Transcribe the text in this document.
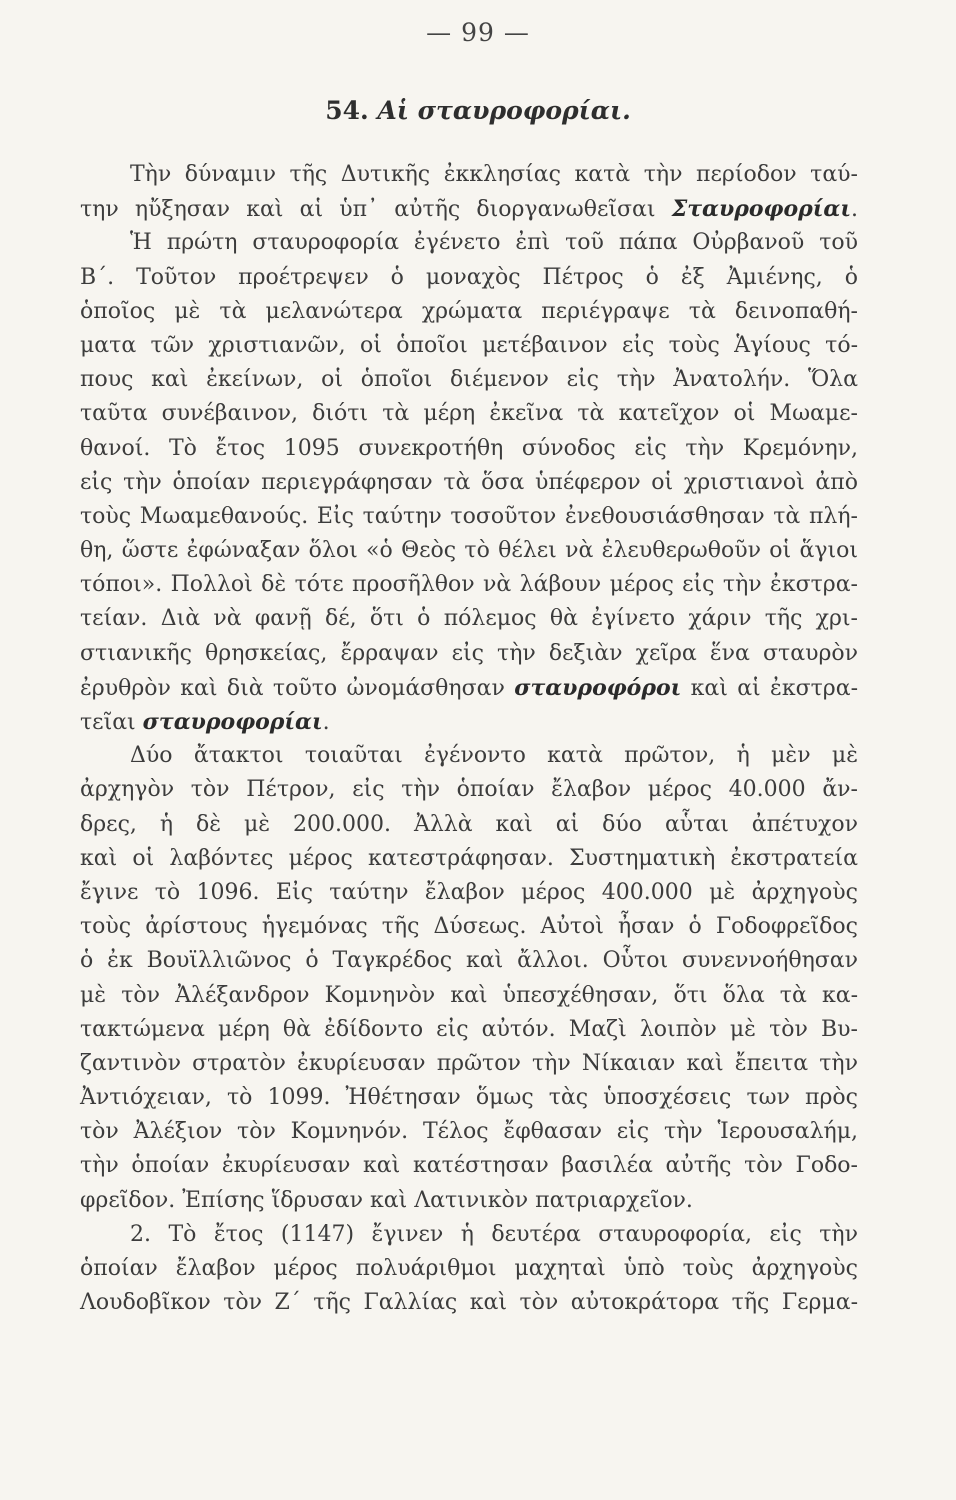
— 99 —
54. Αἱ σταυροφορίαι.
Τὴν δύναμιν τῆς Δυτικῆς ἐκκλησίας κατὰ τὴν περίοδον ταύ-
την ηὔξησαν καὶ αἱ ὑπ᾿ αὐτῆς διοργανωθεῖσαι Σταυροφορίαι.
Ἡ πρώτη σταυροφορία ἐγένετο ἐπὶ τοῦ πάπα Οὐρβανοῦ τοῦ
Β΄. Τοῦτον προέτρεψεν ὁ μοναχὸς Πέτρος ὁ ἐξ Ἀμιένης, ὁ
ὁποῖος μὲ τὰ μελανώτερα χρώματα περιέγραψε τὰ δεινοπαθή-
ματα τῶν χριστιανῶν, οἱ ὁποῖοι μετέβαινον εἰς τοὺς Ἁγίους τό-
πους καὶ ἐκείνων, οἱ ὁποῖοι διέμενον εἰς τὴν Ἀνατολήν. Ὅλα
ταῦτα συνέβαινον, διότι τὰ μέρη ἐκεῖνα τὰ κατεῖχον οἱ Μωαμε-
θανοί. Τὸ ἔτος 1095 συνεκροτήθη σύνοδος εἰς τὴν Κρεμόνην,
εἰς τὴν ὁποίαν περιεγράφησαν τὰ ὅσα ὑπέφερον οἱ χριστιανοὶ ἀπὸ
τοὺς Μωαμεθανούς. Εἰς ταύτην τοσοῦτον ἐνεθουσιάσθησαν τὰ πλή-
θη, ὥστε ἐφώναξαν ὅλοι «ὁ Θεὸς τὸ θέλει νὰ ἐλευθερωθοῦν οἱ ἅγιοι
τόποι». Πολλοὶ δὲ τότε προσῆλθον νὰ λάβουν μέρος εἰς τὴν ἐκστρα-
τείαν. Διὰ νὰ φανῇ δέ, ὅτι ὁ πόλεμος θὰ ἐγίνετο χάριν τῆς χρι-
στιανικῆς θρησκείας, ἔρραψαν εἰς τὴν δεξιὰν χεῖρα ἕνα σταυρὸν
ἐρυθρὸν καὶ διὰ τοῦτο ὠνομάσθησαν σταυροφόροι καὶ αἱ ἐκστρα-
τεῖαι σταυροφορίαι.
Δύο ἄτακτοι τοιαῦται ἐγένοντο κατὰ πρῶτον, ἡ μὲν μὲ
ἀρχηγὸν τὸν Πέτρον, εἰς τὴν ὁποίαν ἔλαβον μέρος 40.000 ἄν-
δρες, ἡ δὲ μὲ 200.000. Ἀλλὰ καὶ αἱ δύο αὗται ἀπέτυχον
καὶ οἱ λαβόντες μέρος κατεστράφησαν. Συστηματικὴ ἐκστρατεία
ἔγινε τὸ 1096. Εἰς ταύτην ἔλαβον μέρος 400.000 μὲ ἀρχηγοὺς
τοὺς ἀρίστους ἡγεμόνας τῆς Δύσεως. Αὐτοὶ ἦσαν ὁ Γοδοφρεῖδος
ὁ ἐκ Βουϊλλιῶνος ὁ Ταγκρέδος καὶ ἄλλοι. Οὗτοι συνεννοήθησαν
μὲ τὸν Ἀλέξανδρον Κομνηνὸν καὶ ὑπεσχέθησαν, ὅτι ὅλα τὰ κα-
τακτώμενα μέρη θὰ ἐδίδοντο εἰς αὐτόν. Μαζὶ λοιπὸν μὲ τὸν Βυ-
ζαντινὸν στρατὸν ἐκυρίευσαν πρῶτον τὴν Νίκαιαν καὶ ἔπειτα τὴν
Ἀντιόχειαν, τὸ 1099. Ἠθέτησαν ὅμως τὰς ὑποσχέσεις των πρὸς
τὸν Ἀλέξιον τὸν Κομνηνόν. Τέλος ἔφθασαν εἰς τὴν Ἱερουσαλήμ,
τὴν ὁποίαν ἐκυρίευσαν καὶ κατέστησαν βασιλέα αὐτῆς τὸν Γοδο-
φρεῖδον. Ἐπίσης ἵδρυσαν καὶ Λατινικὸν πατριαρχεῖον.
2. Τὸ ἔτος (1147) ἔγινεν ἡ δευτέρα σταυροφορία, εἰς τὴν
ὁποίαν ἔλαβον μέρος πολυάριθμοι μαχηταὶ ὑπὸ τοὺς ἀρχηγοὺς
Λουδοβῖκον τὸν Ζ΄ τῆς Γαλλίας καὶ τὸν αὐτοκράτορα τῆς Γερμα-
